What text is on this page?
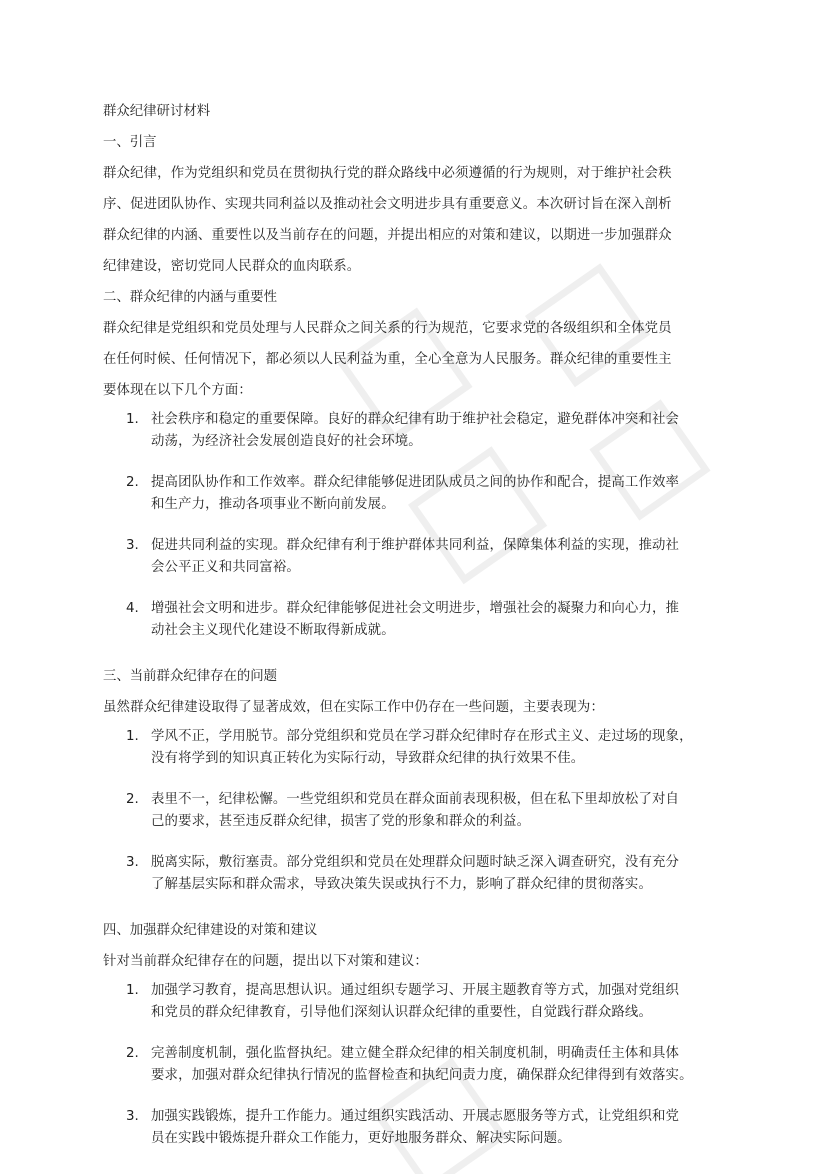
群众纪律研讨材料
一、引言
群众纪律，作为党组织和党员在贯彻执行党的群众路线中必须遵循的行为规则，对于维护社会秩
序、促进团队协作、实现共同利益以及推动社会文明进步具有重要意义。本次研讨旨在深入剖析
群众纪律的内涵、重要性以及当前存在的问题，并提出相应的对策和建议，以期进一步加强群众
纪律建设，密切党同人民群众的血肉联系。
二、群众纪律的内涵与重要性
群众纪律是党组织和党员处理与人民群众之间关系的行为规范，它要求党的各级组织和全体党员
在任何时候、任何情况下，都必须以人民利益为重，全心全意为人民服务。群众纪律的重要性主
要体现在以下几个方面：
1. 社会秩序和稳定的重要保障。良好的群众纪律有助于维护社会稳定，避免群体冲突和社会
动荡，为经济社会发展创造良好的社会环境。
2. 提高团队协作和工作效率。群众纪律能够促进团队成员之间的协作和配合，提高工作效率
和生产力，推动各项事业不断向前发展。
3. 促进共同利益的实现。群众纪律有利于维护群体共同利益，保障集体利益的实现，推动社
会公平正义和共同富裕。
4. 增强社会文明和进步。群众纪律能够促进社会文明进步，增强社会的凝聚力和向心力，推
动社会主义现代化建设不断取得新成就。
三、当前群众纪律存在的问题
虽然群众纪律建设取得了显著成效，但在实际工作中仍存在一些问题，主要表现为：
1. 学风不正，学用脱节。部分党组织和党员在学习群众纪律时存在形式主义、走过场的现象，
没有将学到的知识真正转化为实际行动，导致群众纪律的执行效果不佳。
2. 表里不一，纪律松懈。一些党组织和党员在群众面前表现积极，但在私下里却放松了对自
己的要求，甚至违反群众纪律，损害了党的形象和群众的利益。
3. 脱离实际，敷衍塞责。部分党组织和党员在处理群众问题时缺乏深入调查研究，没有充分
了解基层实际和群众需求，导致决策失误或执行不力，影响了群众纪律的贯彻落实。
四、加强群众纪律建设的对策和建议
针对当前群众纪律存在的问题，提出以下对策和建议：
1. 加强学习教育，提高思想认识。通过组织专题学习、开展主题教育等方式，加强对党组织
和党员的群众纪律教育，引导他们深刻认识群众纪律的重要性，自觉践行群众路线。
2. 完善制度机制，强化监督执纪。建立健全群众纪律的相关制度机制，明确责任主体和具体
要求，加强对群众纪律执行情况的监督检查和执纪问责力度，确保群众纪律得到有效落实。
3. 加强实践锻炼，提升工作能力。通过组织实践活动、开展志愿服务等方式，让党组织和党
员在实践中锻炼提升群众工作能力，更好地服务群众、解决实际问题。
